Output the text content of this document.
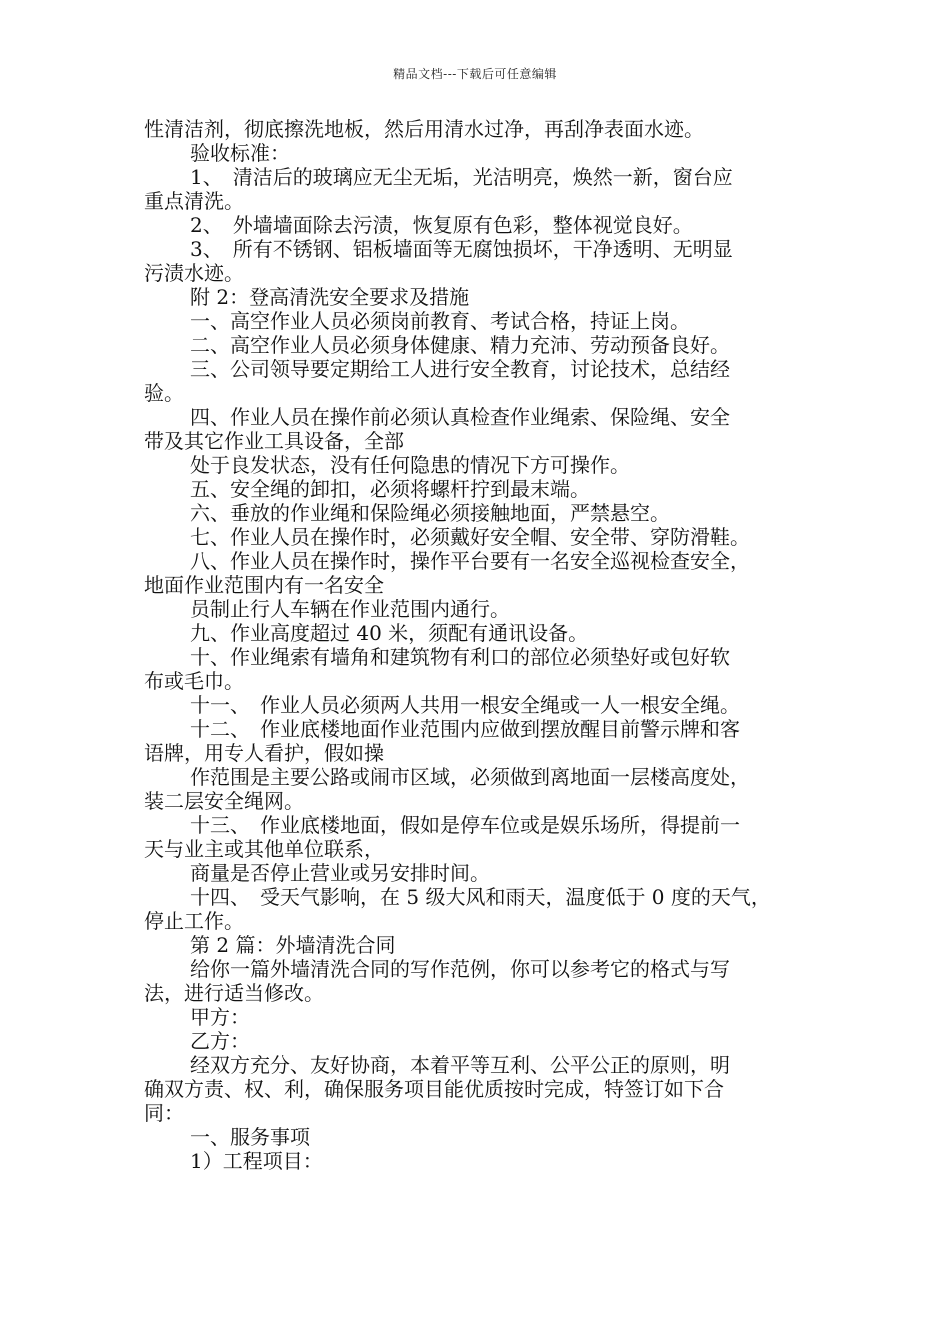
精品文档---下载后可任意编辑
性清洁剂，彻底擦洗地板，然后用清水过净，再刮净表面水迹。
验收标准：
1、　清洁后的玻璃应无尘无垢，光洁明亮，焕然一新，窗台应
重点清洗。
2、　外墙墙面除去污渍，恢复原有色彩，整体视觉良好。
3、　所有不锈钢、铝板墙面等无腐蚀损坏，干净透明、无明显
污渍水迹。
附 2：登高清洗安全要求及措施
一、高空作业人员必须岗前教育、考试合格，持证上岗。
二、高空作业人员必须身体健康、精力充沛、劳动预备良好。
三、公司领导要定期给工人进行安全教育，讨论技术，总结经
验。
四、作业人员在操作前必须认真检查作业绳索、保险绳、安全
带及其它作业工具设备，全部
处于良发状态，没有任何隐患的情况下方可操作。
五、安全绳的卸扣，必须将螺杆拧到最末端。
六、垂放的作业绳和保险绳必须接触地面，严禁悬空。
七、作业人员在操作时，必须戴好安全帽、安全带、穿防滑鞋。
八、作业人员在操作时，操作平台要有一名安全巡视检查安全，
地面作业范围内有一名安全
员制止行人车辆在作业范围内通行。
九、作业高度超过 40 米，须配有通讯设备。
十、作业绳索有墙角和建筑物有利口的部位必须垫好或包好软
布或毛巾。
十一、　作业人员必须两人共用一根安全绳或一人一根安全绳。
十二、　作业底楼地面作业范围内应做到摆放醒目前警示牌和客
语牌，用专人看护，假如操
作范围是主要公路或闹市区域，必须做到离地面一层楼高度处，
装二层安全绳网。
十三、　作业底楼地面，假如是停车位或是娱乐场所，得提前一
天与业主或其他单位联系，
商量是否停止营业或另安排时间。
十四、　受天气影响，在 5 级大风和雨天，温度低于 0 度的天气，
停止工作。
第 2 篇：外墙清洗合同
给你一篇外墙清洗合同的写作范例，你可以参考它的格式与写
法，进行适当修改。
甲方：
乙方：
经双方充分、友好协商，本着平等互利、公平公正的原则，明
确双方责、权、利，确保服务项目能优质按时完成，特签订如下合
同：
一、服务事项
1）工程项目：
